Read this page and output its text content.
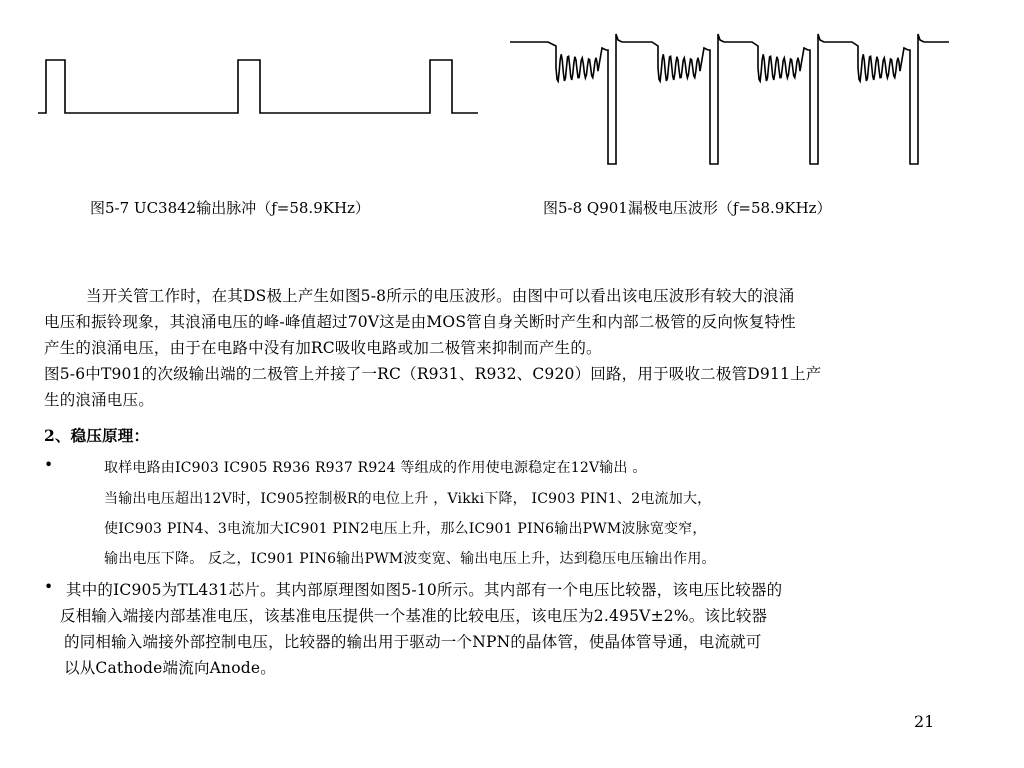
图5-7 UC3842输出脉冲（ƒ=58.9KHz）	图5-8 Q901漏极电压波形（ƒ=58.9KHz）
当开关管工作时，在其DS极上产生如图5-8所示的电压波形。由图中可以看出该电压波形有较大的浪涌
电压和振铃现象，其浪涌电压的峰-峰值超过70V这是由MOS管自身关断时产生和内部二极管的反向恢复特性
产生的浪涌电压，由于在电路中没有加RC吸收电路或加二极管来抑制而产生的。
图5-6中T901的次级输出端的二极管上并接了一RC（R931、R932、C920）回路，用于吸收二极管D911上产
生的浪涌电压。
2、稳压原理：
•	取样电路由IC903 IC905 R936 R937 R924 等组成的作用使电源稳定在12V输出 。
当输出电压超出12V时，IC905控制极R的电位上升 ，Vikki下降， IC903 PIN1、2电流加大，
使IC903 PIN4、3电流加大IC901 PIN2电压上升，那么IC901 PIN6输出PWM波脉宽变窄，
输出电压下降。 反之，IC901 PIN6输出PWM波变宽、输出电压上升，达到稳压电压输出作用。
• 其中的IC905为TL431芯片。其内部原理图如图5-10所示。其内部有一个电压比较器，该电压比较器的
反相输入端接内部基准电压，该基准电压提供一个基准的比较电压，该电压为2.495V±2%。该比较器
的同相输入端接外部控制电压，比较器的输出用于驱动一个NPN的晶体管，使晶体管导通，电流就可
以从Cathode端流向Anode。
21
